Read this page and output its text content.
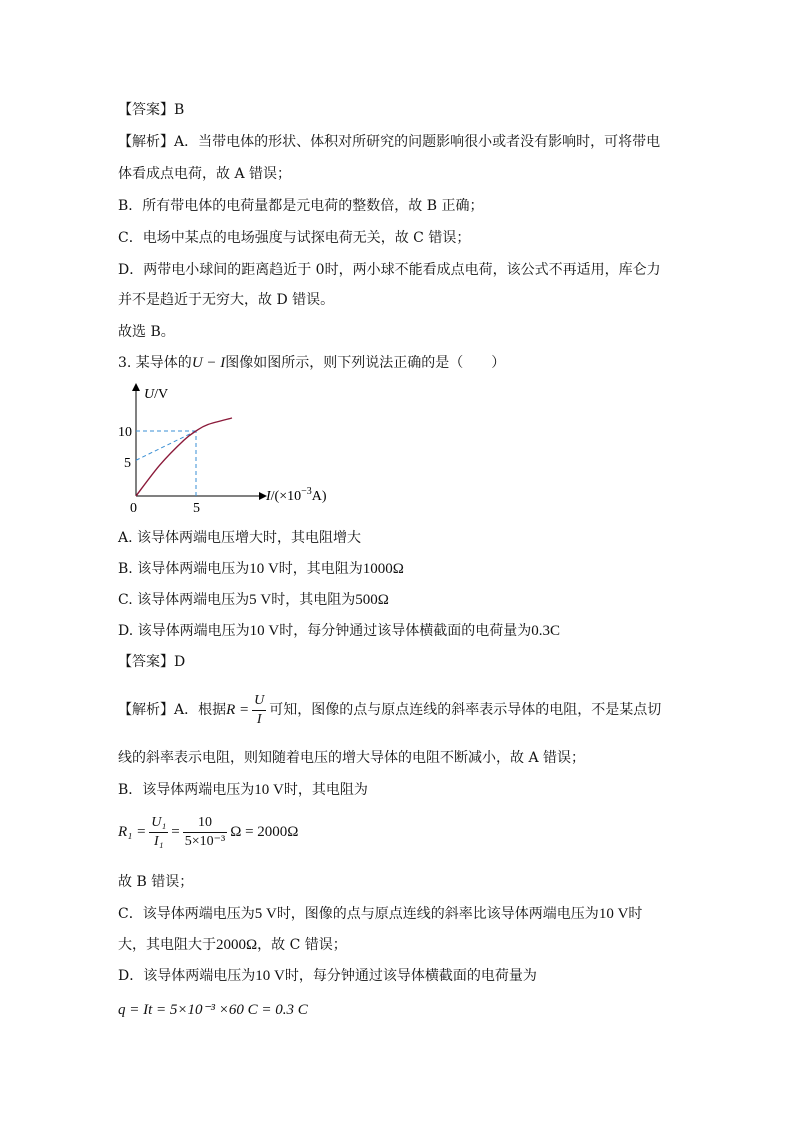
【答案】B
【解析】A．当带电体的形状、体积对所研究的问题影响很小或者没有影响时，可将带电
体看成点电荷，故 A 错误；
B．所有带电体的电荷量都是元电荷的整数倍，故 B 正确；
C．电场中某点的电场强度与试探电荷无关，故 C 错误；
D．两带电小球间的距离趋近于 0时，两小球不能看成点电荷，该公式不再适用，库仑力
并不是趋近于无穷大，故 D 错误。
故选 B。
3. 某导体的U − I图像如图所示，则下列说法正确的是（　　）
U/V
10
5
0	5
$I/(\times 10^{-3}A)$
A. 该导体两端电压增大时，其电阻增大
B. 该导体两端电压为10 V时，其电阻为1000Ω
C. 该导体两端电压为5 V时，其电阻为500Ω
D. 该导体两端电压为10 V时，每分钟通过该导体横截面的电荷量为0.3C
【答案】D
【解析】A．根据$R = \frac{U}{I}$ 可知，图像的点与原点连线的斜率表示导体的电阻，不是某点切
线的斜率表示电阻，则知随着电压的增大导体的电阻不断减小，故 A 错误；
B．该导体两端电压为10 V时，其电阻为
$R_1 = \frac{\text{U₁}}{\text{I₁}} = \frac{10}{\text{5×10⁻³}}$ Ω = 2000Ω
故 B 错误；
C．该导体两端电压为5 V时，图像的点与原点连线的斜率比该导体两端电压为10 V时
大，其电阻大于2000Ω，故 C 错误；
D．该导体两端电压为10 V时，每分钟通过该导体横截面的电荷量为
q = It = 5×10⁻³ ×60 C = 0.3 C
